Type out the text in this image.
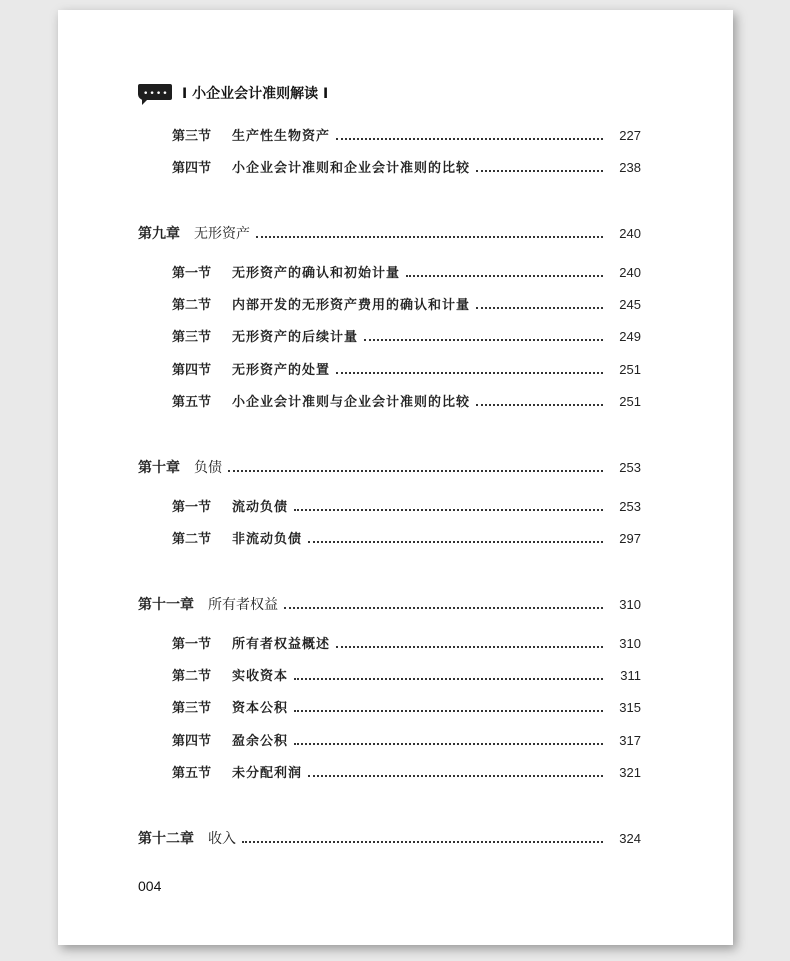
•••• I 小企业会计准则解读 I
第三节	生产性生物资产	227
第四节	小企业会计准则和企业会计准则的比较	238
第九章 无形资产	240
第一节	无形资产的确认和初始计量	240
第二节	内部开发的无形资产费用的确认和计量	245
第三节	无形资产的后续计量	249
第四节	无形资产的处置	251
第五节	小企业会计准则与企业会计准则的比较	251
第十章 负债	253
第一节	流动负债	253
第二节	非流动负债	297
第十一章 所有者权益	310
第一节	所有者权益概述	310
第二节	实收资本	311
第三节	资本公积	315
第四节	盈余公积	317
第五节	未分配利润	321
第十二章 收入	324
004
